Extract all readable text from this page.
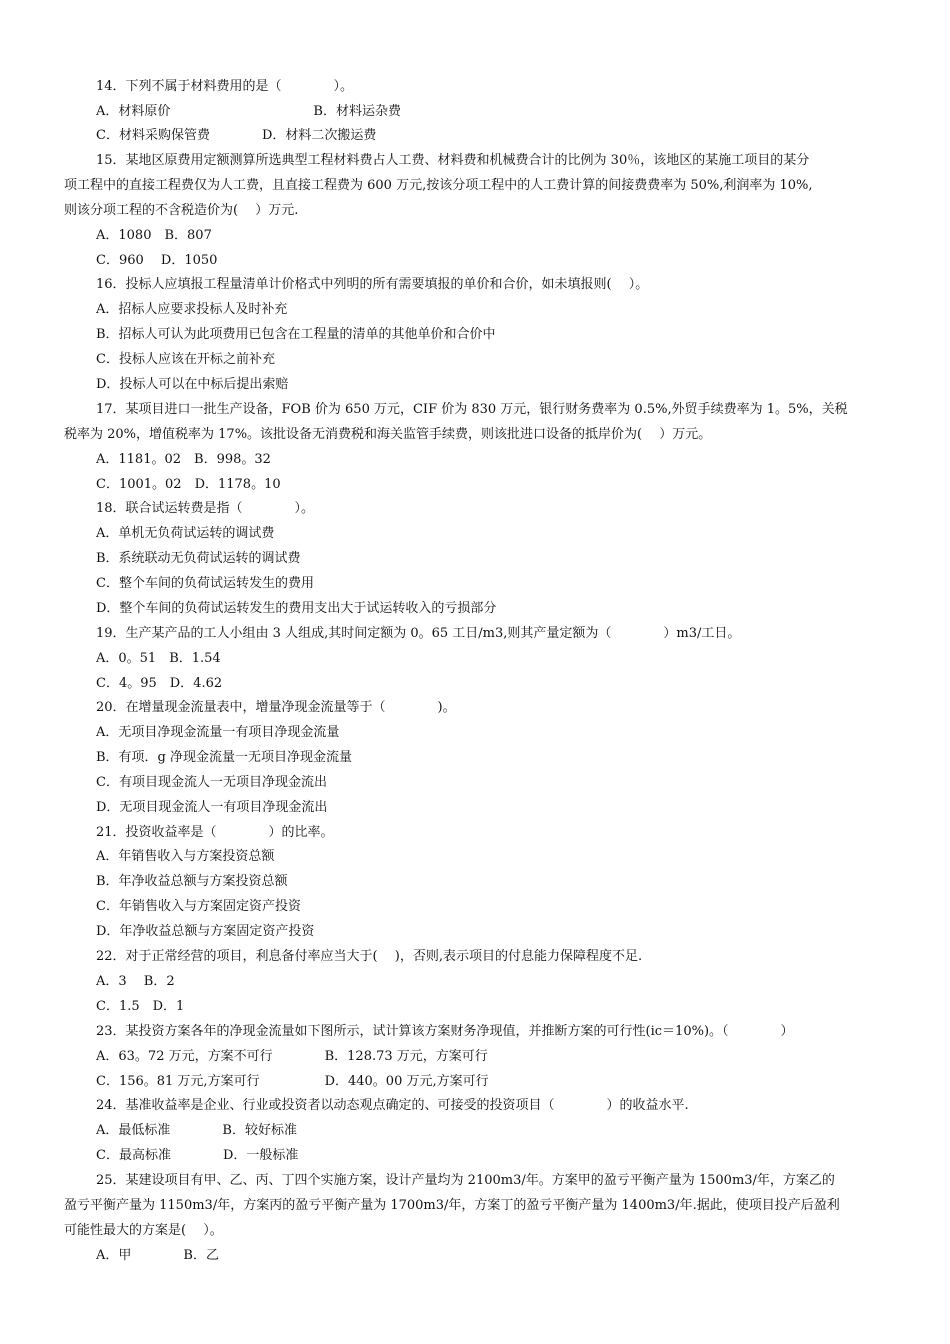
14．下列不属于材料费用的是（　　　　）。
A．材料原价　　　　　　　　　　　B．材料运杂费
C．材料采购保管费　　　　D．材料二次搬运费
15．某地区原费用定额测算所选典型工程材料费占人工费、材料费和机械费合计的比例为 30％，该地区的某施工项目的某分
项工程中的直接工程费仅为人工费，且直接工程费为 600 万元,按该分项工程中的人工费计算的间接费费率为 50%,利润率为 10%,
则该分项工程的不含税造价为(　 ）万元.
A．1080　B．807
C．960　 D．1050
16．投标人应填报工程量清单计价格式中列明的所有需要填报的单价和合价，如未填报则(　 ）。
A．招标人应要求投标人及时补充
B．招标人可认为此项费用已包含在工程量的清单的其他单价和合价中
C．投标人应该在开标之前补充
D．投标人可以在中标后提出索赔
17．某项目进口一批生产设备，FOB 价为 650 万元，CIF 价为 830 万元，银行财务费率为 0.5%,外贸手续费率为 1。5%，关税
税率为 20%，增值税率为 17%。该批设备无消费税和海关监管手续费，则该批进口设备的抵岸价为(　 ）万元。
A．1181。02　B．998。32
C．1001。02　D．1178。10
18．联合试运转费是指（　　　　）。
A．单机无负荷试运转的调试费
B．系统联动无负荷试运转的调试费
C．整个车间的负荷试运转发生的费用
D．整个车间的负荷试运转发生的费用支出大于试运转收入的亏损部分
19．生产某产品的工人小组由 3 人组成,其时间定额为 0。65 工日/m3,则其产量定额为（　　　　）m3/工日。
A．0。51　B．1.54
C．4。95　D．4.62
20．在增量现金流量表中，增量净现金流量等于（　　　　)。
A．无项目净现金流量一有项目净现金流量
B．有项．g 净现金流量一无项目净现金流量
C．有项目现金流人一无项目净现金流出
D．无项目现金流人一有项目净现金流出
21．投资收益率是（　　　　）的比率。
A．年销售收入与方案投资总额
B．年净收益总额与方案投资总额
C．年销售收入与方案固定资产投资
D．年净收益总额与方案固定资产投资
22．对于正常经营的项目，利息备付率应当大于(　 )，否则,表示项目的付息能力保障程度不足.
A．3　 B．2
C．1.5　D．1
23．某投资方案各年的净现金流量如下图所示，试计算该方案财务净现值，并推断方案的可行性(ic＝10%)。（　　　　）
A．63。72 万元，方案不可行　　　　B．128.73 万元，方案可行
C．156。81 万元,方案可行　　　　　D．440。00 万元,方案可行
24．基准收益率是企业、行业或投资者以动态观点确定的、可接受的投资项目（　　　　）的收益水平.
A．最低标准　　　　B．较好标准
C．最高标准　　　　D．一般标准
25．某建设项目有甲、乙、丙、丁四个实施方案，设计产量均为 2100m3/年。方案甲的盈亏平衡产量为 1500m3/年，方案乙的
盈亏平衡产量为 1150m3/年，方案丙的盈亏平衡产量为 1700m3/年，方案丁的盈亏平衡产量为 1400m3/年.据此，使项目投产后盈利
可能性最大的方案是(　 ）。
A．甲　　　　B．乙
